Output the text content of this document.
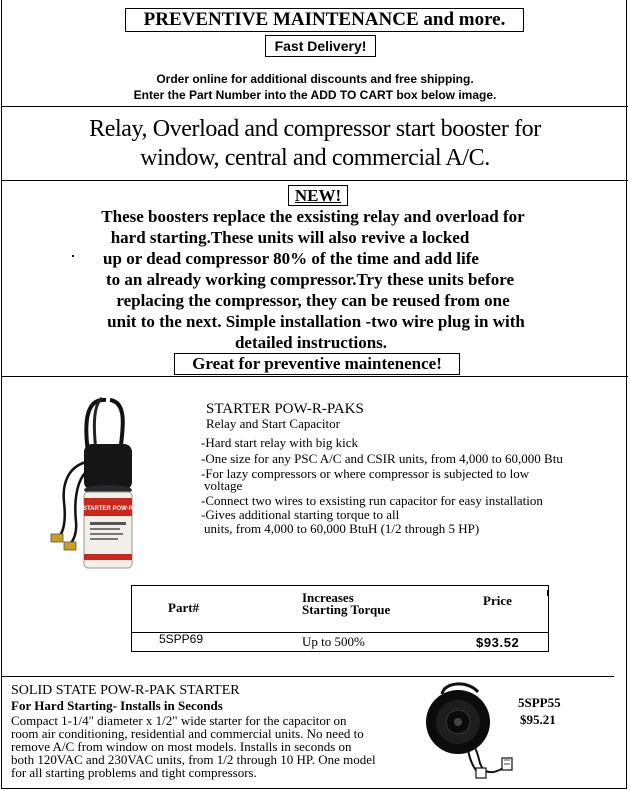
PREVENTIVE MAINTENANCE and more.
Fast Delivery!
Order online for additional discounts and free shipping.
Enter the Part Number into the ADD TO CART box below image.
Relay, Overload and compressor start booster for
window, central and commercial A/C.
NEW!
These boosters replace the exsisting relay and overload for
hard starting.These units will also revive a locked
up or dead compressor 80% of the time and add life
to an already working compressor.Try these units before
replacing the compressor, they can be reused from one
unit to the next. Simple installation -two wire plug in with
detailed instructions.
Great for preventive maintenence!
STARTER POW-R
STARTER POW-R-PAKS
Relay and Start Capacitor
-Hard start relay with big kick
-One size for any PSC A/C and CSIR units, from 4,000 to 60,000 Btu
-For lazy compressors or where compressor is subjected to low
voltage
-Connect two wires to exsisting run capacitor for easy installation
-Gives additional starting torque to all
units, from 4,000 to 60,000 BtuH (1/2 through 5 HP)
Part#
Increases
Starting Torque
Price
5SPP69	Up to 500%	$93.52
SOLID STATE POW-R-PAK STARTER
For Hard Starting- Installs in Seconds
Compact 1-1/4" diameter x 1/2" wide starter for the capacitor on
room air conditioning, residential and commercial units. No need to
remove A/C from window on most models. Installs in seconds on
both 120VAC and 230VAC units, from 1/2 through 10 HP. One model
for all starting problems and tight compressors.
5SPP55
$95.21
